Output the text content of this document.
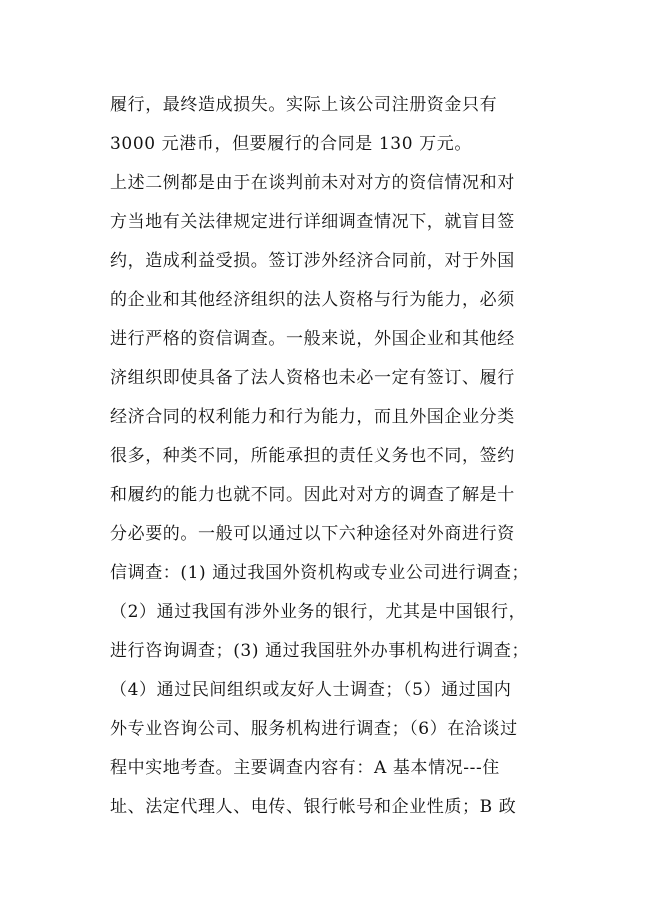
履行，最终造成损失。实际上该公司注册资金只有
3000 元港币，但要履行的合同是 130 万元。
上述二例都是由于在谈判前未对对方的资信情况和对
方当地有关法律规定进行详细调查情况下，就盲目签
约，造成利益受损。签订涉外经济合同前，对于外国
的企业和其他经济组织的法人资格与行为能力，必须
进行严格的资信调查。一般来说，外国企业和其他经
济组织即使具备了法人资格也未必一定有签订、履行
经济合同的权利能力和行为能力，而且外国企业分类
很多，种类不同，所能承担的责任义务也不同，签约
和履约的能力也就不同。因此对对方的调查了解是十
分必要的。一般可以通过以下六种途径对外商进行资
信调查：(1) 通过我国外资机构或专业公司进行调查；
（2）通过我国有涉外业务的银行，尤其是中国银行，
进行咨询调查；(3) 通过我国驻外办事机构进行调查；
（4）通过民间组织或友好人士调查；（5）通过国内
外专业咨询公司、服务机构进行调查；（6）在洽谈过
程中实地考查。主要调查内容有：A 基本情况---住
址、法定代理人、电传、银行帐号和企业性质；B 政
